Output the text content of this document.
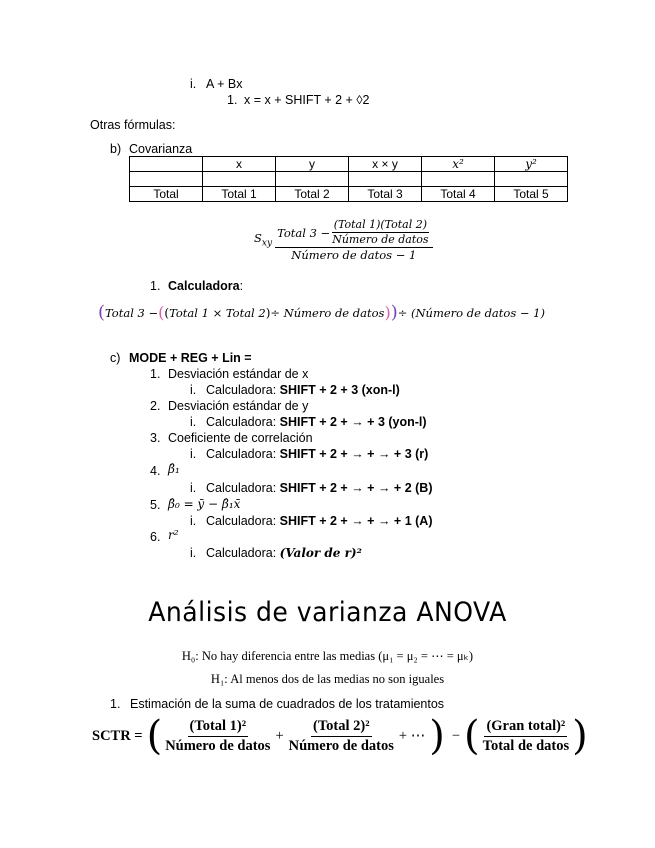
i. A + Bx
1. x = x + SHIFT + 2 + ◊2
Otras fórmulas:
b) Covarianza
	x	y	x × y	x²	y²

Total	Total 1	Total 2	Total 3	Total 4	Total 5
$S_{xy}$
Total $3 - \frac{\text{(Total 1)(Total 2)}}{\text{Número de datos}}$
Número de datos − 1
1. Calculadora:
( Total 3 − ( ( Total 1 × Total 2 ) ÷ Número de datos ) ) ÷ (Número de datos − 1)
c) MODE + REG + Lin =
1. Desviación estándar de x
i. Calculadora: SHIFT + 2 + 3 (xon-l)
2. Desviación estándar de y
i. Calculadora: SHIFT + 2 + → + 3 (yon-l)
3. Coeficiente de correlación
i. Calculadora: SHIFT + 2 + → + → + 3 (r)
4. β̂₁
i. Calculadora: SHIFT + 2 + → + → + 2 (B)
5. β̂₀ = ȳ − β̂₁x̄
i. Calculadora: SHIFT + 2 + → + → + 1 (A)
6. r²
i. Calculadora: (Valor de r)²
Análisis de varianza ANOVA
H₀: No hay diferencia entre las medias (μ₁ = μ₂ = ⋯ = μₖ)
H₁: Al menos dos de las medias no son iguales
1. Estimación de la suma de cuadrados de los tratamientos
SCTR = ( $\frac{\text{(Total 1)²}}{\text{Número de datos}} + \frac{\text{(Total 2)²}}{\text{Número de datos}}$ + ⋯ ) − ( $\frac{\text{(Gran total)²}}{\text{Total de datos}}$ )
